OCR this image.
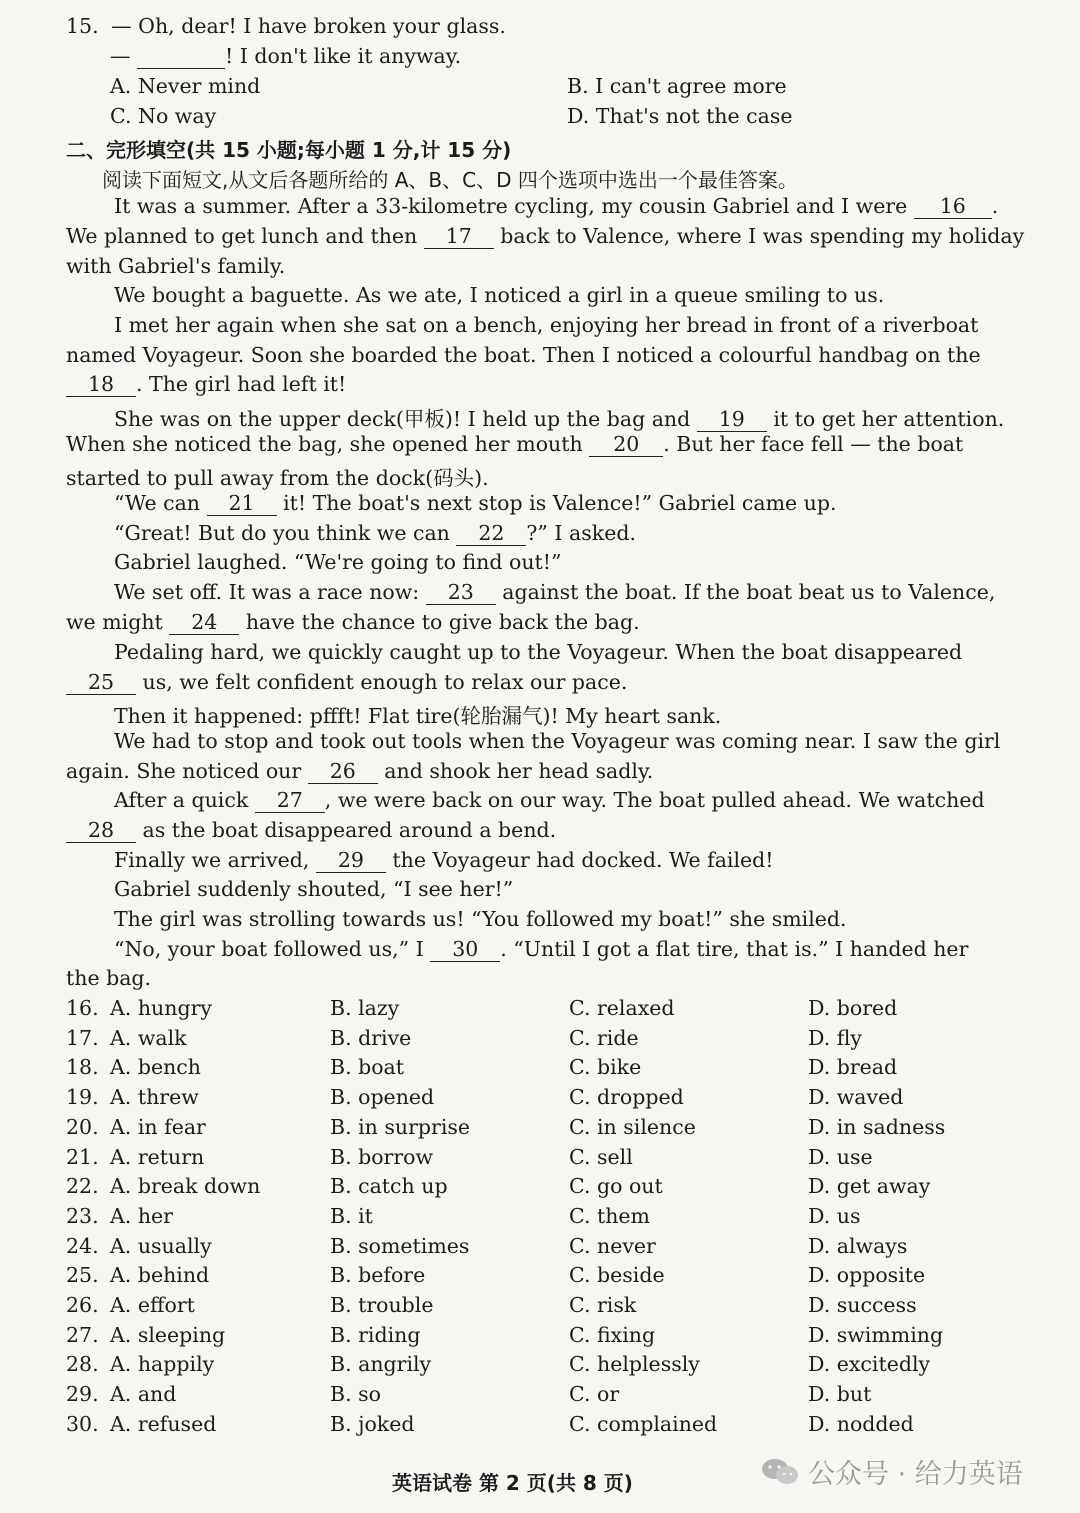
15. — Oh, dear! I have broken your glass.
—	! I don't like it anyway.
A. Never mind	B. I can't agree more
C. No way	D. That's not the case
二、完形填空(共 15 小题;每小题 1 分,计 15 分)
阅读下面短文,从文后各题所给的 A、B、C、D 四个选项中选出一个最佳答案。
It was a summer. After a 33-kilometre cycling, my cousin Gabriel and I were 16 .
We planned to get lunch and then 17 back to Valence, where I was spending my holiday
with Gabriel's family.
We bought a baguette. As we ate, I noticed a girl in a queue smiling to us.
I met her again when she sat on a bench, enjoying her bread in front of a riverboat
named Voyageur. Soon she boarded the boat. Then I noticed a colourful handbag on the
18 . The girl had left it!
She was on the upper deck(甲板)! I held up the bag and 19 it to get her attention.
When she noticed the bag, she opened her mouth 20 . But her face fell — the boat
started to pull away from the dock(码头).
“We can 21 it! The boat's next stop is Valence!” Gabriel came up.
“Great! But do you think we can 22 ?” I asked.
Gabriel laughed. “We're going to find out!”
We set off. It was a race now: 23 against the boat. If the boat beat us to Valence,
we might 24 have the chance to give back the bag.
Pedaling hard, we quickly caught up to the Voyageur. When the boat disappeared
25 us, we felt confident enough to relax our pace.
Then it happened: pffft! Flat tire(轮胎漏气)! My heart sank.
We had to stop and took out tools when the Voyageur was coming near. I saw the girl
again. She noticed our 26 and shook her head sadly.
After a quick 27 , we were back on our way. The boat pulled ahead. We watched
28 as the boat disappeared around a bend.
Finally we arrived, 29 the Voyageur had docked. We failed!
Gabriel suddenly shouted, “I see her!”
The girl was strolling towards us! “You followed my boat!” she smiled.
“No, your boat followed us,” I 30 . “Until I got a flat tire, that is.” I handed her
the bag.
16. A. hungry	B. lazy	C. relaxed	D. bored
17. A. walk	B. drive	C. ride	D. fly
18. A. bench	B. boat	C. bike	D. bread
19. A. threw	B. opened	C. dropped	D. waved
20. A. in fear	B. in surprise	C. in silence	D. in sadness
21. A. return	B. borrow	C. sell	D. use
22. A. break down	B. catch up	C. go out	D. get away
23. A. her	B. it	C. them	D. us
24. A. usually	B. sometimes	C. never	D. always
25. A. behind	B. before	C. beside	D. opposite
26. A. effort	B. trouble	C. risk	D. success
27. A. sleeping	B. riding	C. fixing	D. swimming
28. A. happily	B. angrily	C. helplessly	D. excitedly
29. A. and	B. so	C. or	D. but
30. A. refused	B. joked	C. complained	D. nodded
英语试卷 第 2 页(共 8 页)	公众号 · 给力英语
